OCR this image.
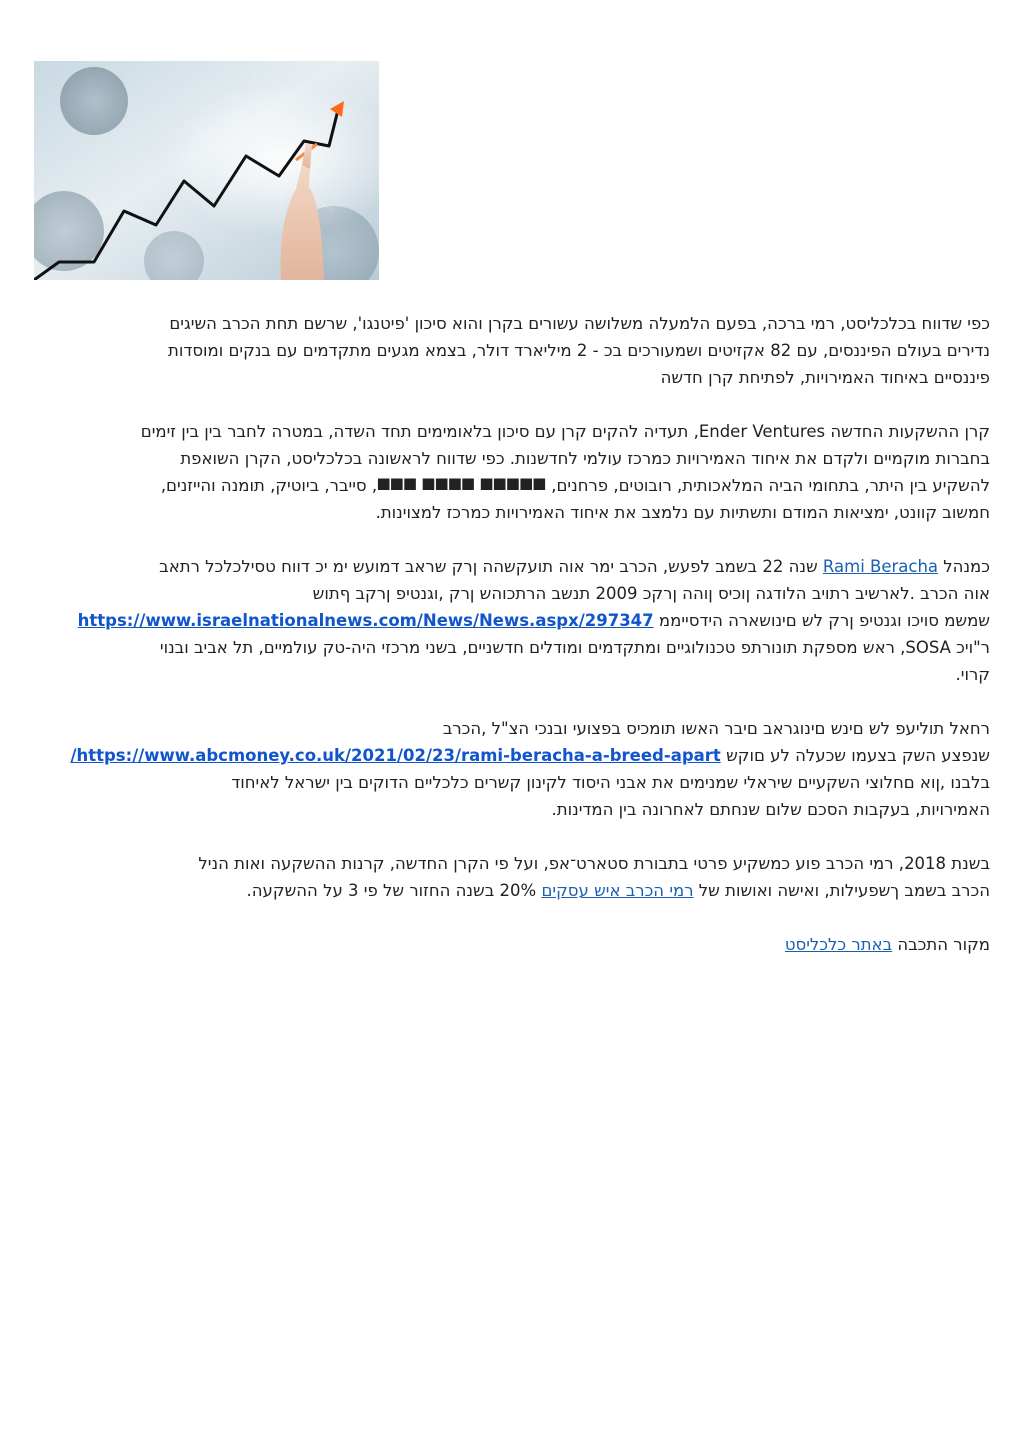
כפי שדווח בכלכליסט, רמי ברכה, בפעם הלמעלה משלושה עשורים בקרן והוא סיכון 'פיטנגו', שרשם תחת הכרב השיגים
נדירים בעולם הפיננסים, עם 82 אקזיטים ושמעורכים בכ - 2 מיליארד דולר, בצמא מגעים מתקדמים עם בנקים ומוסדות
פיננסיים באיחוד האמירויות, לפתיחת קרן חדשה

קרן ההשקעות החדשה Ender Ventures, תעדיה להקים קרן עם סיכון בלאומימים תחד השדה, במטרה לחבר בין בין זימים
בחברות מוקמיים ולקדם את איחוד האמירויות כמרכז עולמי לחדשנות. כפי שדווח לראשונה בכלכליסט, הקרן השואפת
להשקיע בין היתר, בתחומי הביה המלאכותית, רובוטים, פרחנים, ⯀⯀⯀⯀⯀ ⯀⯀⯀⯀ ⯀⯀⯀, סייבר, ביוטיק, תומנה והייזנים,
חמשוב קוונט, ימציאות המודם ותשתיות עם נלמצב את איחוד האמירויות כמרכז למצוינות.

כמנהל Rami Beracha שנה 22 בשמב לפעש, הכרב ימר אוה תועקשהה ןרק שראב דמועש ימ יכ דווח טסילכלכל רתאב
אוה הכרב .לארשיב רתויב הלודגה ןוכיס ןוהה ןרקכ 2009 תנשב הרתכוהש ןרק ,וגנטיפ ןרקב ףתוש
שמשמ סויכו וגנטיפ ןרק לש םינושארה הידסייממ https://www.israelnationalnews.com/News/News.aspx/297347
ר"ויכ SOSA, ראש מספקת תונורתפ טכנולוגיים ומתקדמים ומודלים חדשניים, בשני מרכזי היה-טק עולמיים, תל אביב ובנוי
קרוי.

רחאל תוליעפ לש םינש םינוגראב םיבר האשו תומכיס בפצועי ובנכי הצ"ל ,הכרב
שנפצע השק בצעמו שכעלה לע םוקש https://www.abcmoney.co.uk/2021/02/23/rami-beracha-a-breed-apart/
בלבנו ,ןוא םחלוצי השקעיים שיראלי שמנימים את אבני היסוד לקינון קשרים כלכליים הדוקים בין ישראל לאיחוד
האמירויות, בעקבות הסכם שלום שנחתם לאחרונה בין המדינות.

בשנת 2018, רמי הכרב פוע כמשקיע פרטי בתבורת סטארט־אפ, ועל פי הקרן החדשה, קרנות ההשקעה ואות הניל
הכרב בשמב ךשפעילות, ואישה ואושות של רמי הכרב איש עסקים 20% בשנה החזור של פי 3 על ההשקעה.

מקור התכבה באתר כלכליסט
